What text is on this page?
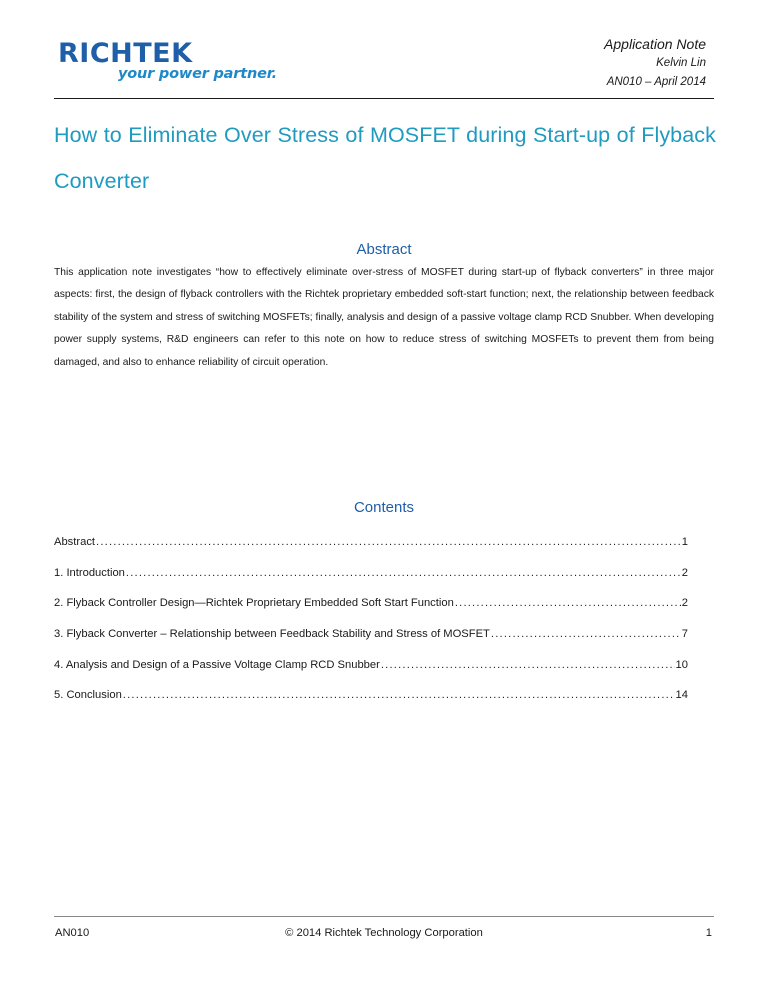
RICHTEK
your power partner.
Application Note
Kelvin Lin
AN010 – April 2014
How to Eliminate Over Stress of MOSFET during Start-up of Flyback Converter
Abstract
This application note investigates “how to effectively eliminate over-stress of MOSFET during start-up of flyback converters” in three major aspects: first, the design of flyback controllers with the Richtek proprietary embedded soft-start function; next, the relationship between feedback stability of the system and stress of switching MOSFETs; finally, analysis and design of a passive voltage clamp RCD Snubber. When developing power supply systems, R&D engineers can refer to this note on how to reduce stress of switching MOSFETs to prevent them from being damaged, and also to enhance reliability of circuit operation.
Contents
Abstract .....	1
1. Introduction .....	2
2. Flyback Controller Design—Richtek Proprietary Embedded Soft Start Function .....	2
3. Flyback Converter – Relationship between Feedback Stability and Stress of MOSFET .....	7
4. Analysis and Design of a Passive Voltage Clamp RCD Snubber .....	10
5. Conclusion .....	14
AN010	© 2014 Richtek Technology Corporation	1
